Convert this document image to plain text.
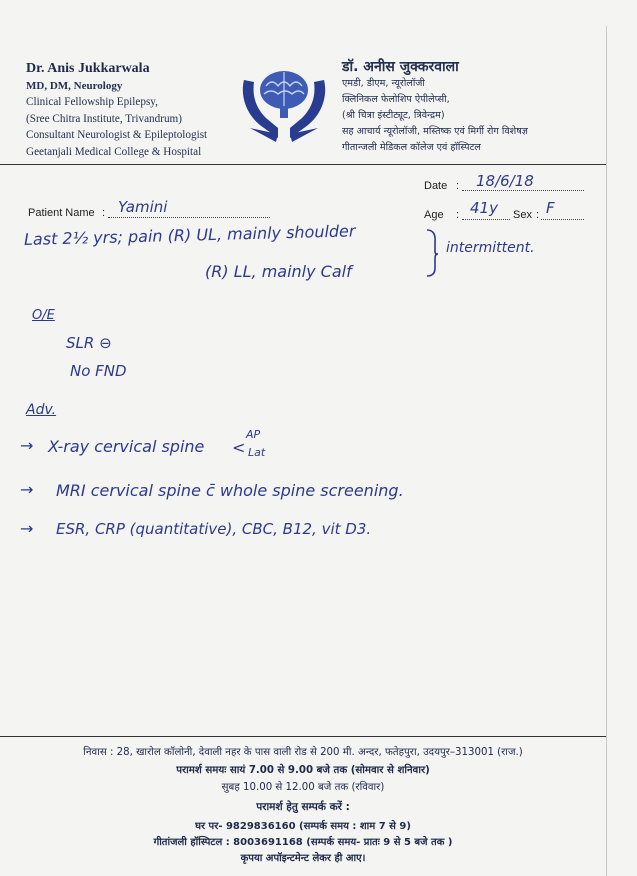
Dr. Anis Jukkarwala
MD, DM, Neurology
Clinical Fellowship Epilepsy,
(Sree Chitra Institute, Trivandrum)
Consultant Neurologist & Epileptologist
Geetanjali Medical College & Hospital
डॉ. अनीस जुक्करवाला
एमडी, डीएम, न्यूरोलॉजी
क्लिनिकल फेलोशिप ऐपीलेप्सी,
(श्री चित्रा इंस्टीट्यूट, त्रिवेन्द्रम)
सह आचार्य न्यूरोलॉजी, मस्तिष्क एवं मिर्गी रोग विशेषज्ञ
गीतान्जली मेडिकल कॉलेज एवं हॉस्पिटल
Date : 18/6/18
Patient Name : Yamini	Age : 41y Sex : F
Last 2½ yrs; pain (R) UL, mainly shoulder
(R) LL, mainly Calf
intermittent.
O/E
SLR ⊖
No FND
Adv.
→ X-ray cervical spine <
AP
Lat
→ MRI cervical spine c̄ whole spine screening.
→ ESR, CRP (quantitative), CBC, B12, vit D3.
निवास : 28, खारोल कॉलोनी, देवाली नहर के पास वाली रोड से 200 मी. अन्दर, फतेहपुरा, उदयपुर–313001 (राज.)
परामर्श समयः सायं 7.00 से 9.00 बजे तक (सोमवार से शनिवार)
सुबह 10.00 से 12.00 बजे तक (रविवार)
परामर्श हेतु सम्पर्क करें :
घर पर- 9829836160 (सम्पर्क समय : शाम 7 से 9)
गीतांजली हॉस्पिटल : 8003691168 (सम्पर्क समय- प्रातः 9 से 5 बजे तक )
कृपया अपॉइन्टमेन्ट लेकर ही आए।
